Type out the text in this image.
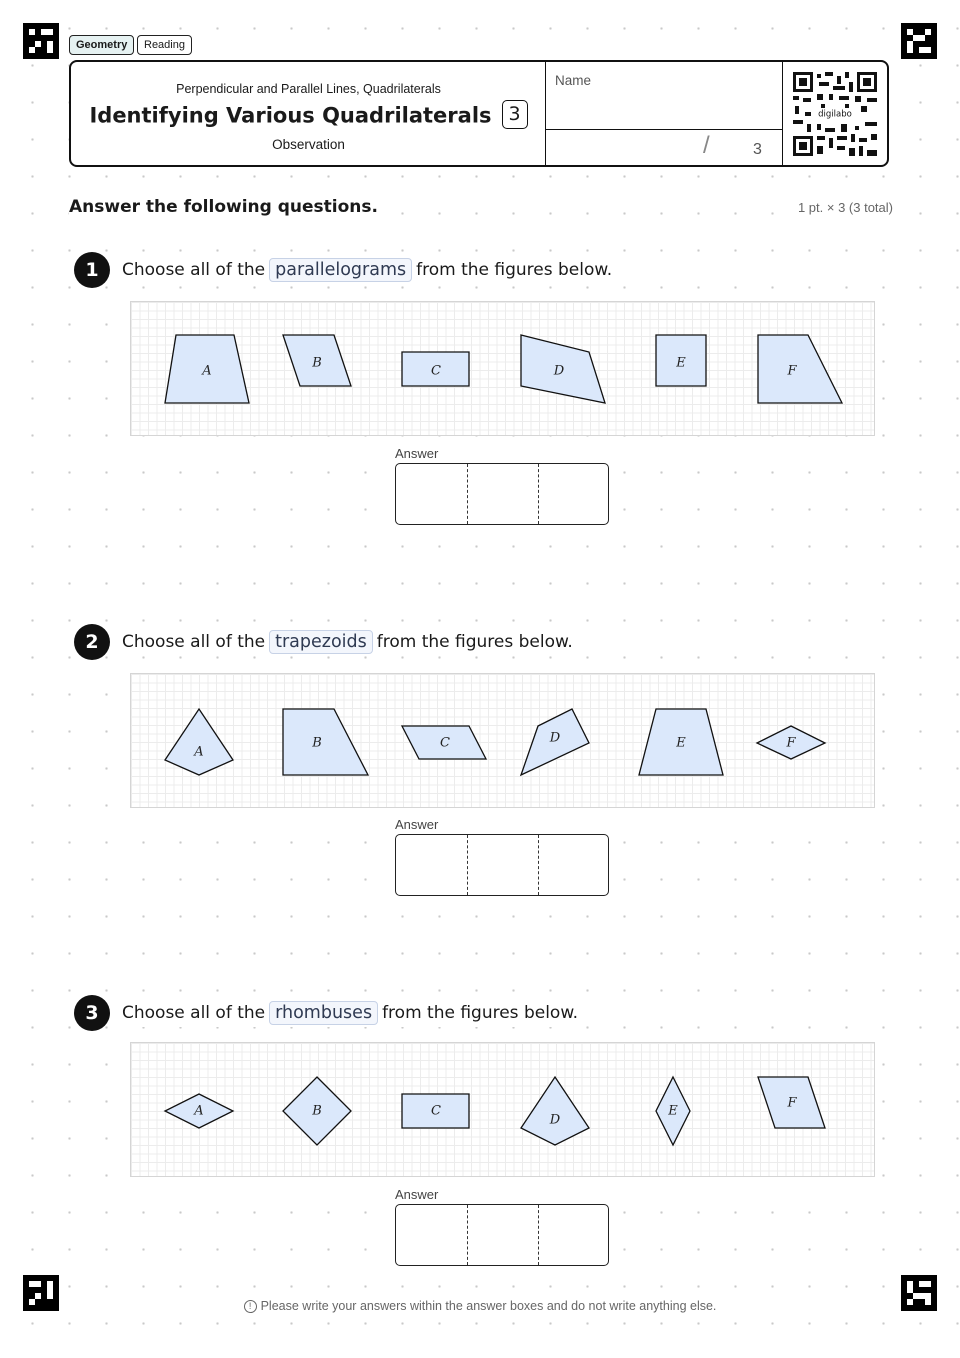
Geometry	Reading
Perpendicular and Parallel Lines, Quadrilaterals
Identifying Various Quadrilaterals 3
Observation
Name
/	3
digilabo
Answer the following questions.	1 pt. × 3 (3 total)
1	Choose all of the parallelograms from the figures below.
A
B
C	D
E
F
Answer
2	Choose all of the trapezoids from the figures below.
A
B	C	D	E	F
Answer
3	Choose all of the rhombuses from the figures below.
A	B	C
D
E
F
Answer
! Please write your answers within the answer boxes and do not write anything else.
